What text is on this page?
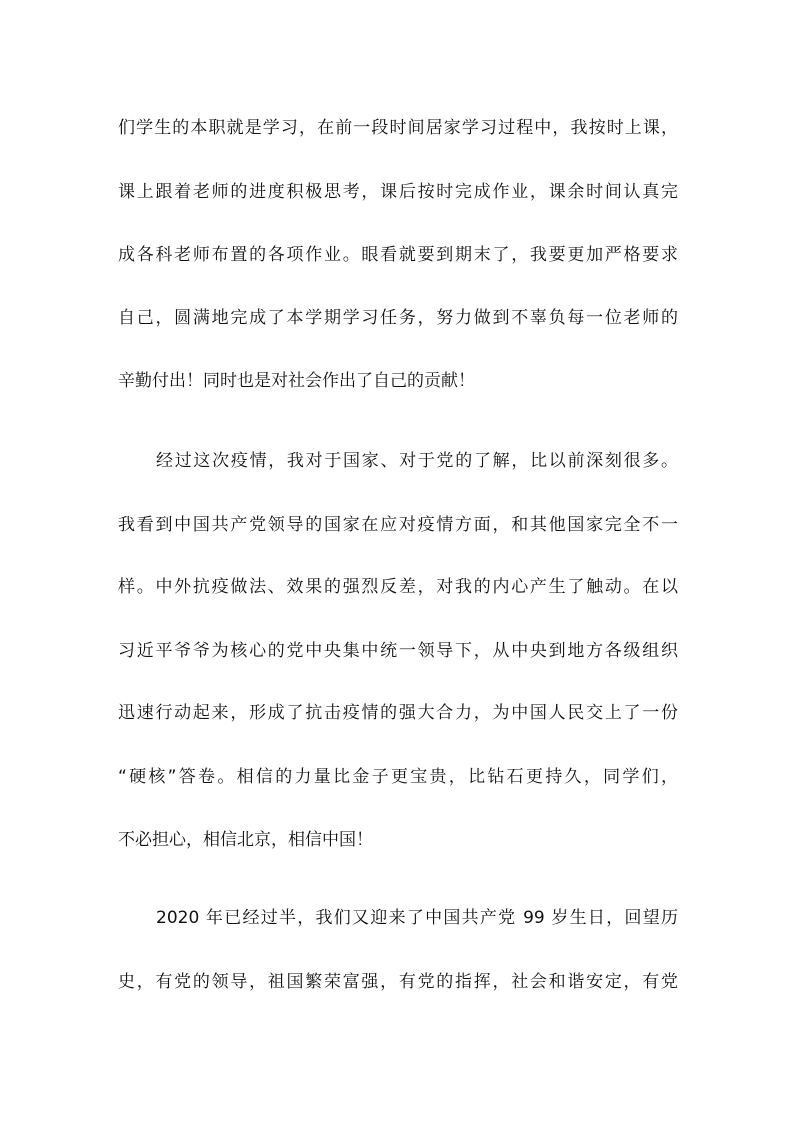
们学生的本职就是学习，在前一段时间居家学习过程中，我按时上课，
课上跟着老师的进度积极思考，课后按时完成作业，课余时间认真完
成各科老师布置的各项作业。眼看就要到期末了，我要更加严格要求
自己，圆满地完成了本学期学习任务，努力做到不辜负每一位老师的
辛勤付出！同时也是对社会作出了自己的贡献！
经过这次疫情，我对于国家、对于党的了解，比以前深刻很多。
我看到中国共产党领导的国家在应对疫情方面，和其他国家完全不一
样。中外抗疫做法、效果的强烈反差，对我的内心产生了触动。在以
习近平爷爷为核心的党中央集中统一领导下，从中央到地方各级组织
迅速行动起来，形成了抗击疫情的强大合力，为中国人民交上了一份
“硬核”答卷。相信的力量比金子更宝贵，比钻石更持久，同学们，
不必担心，相信北京，相信中国！
2020 年已经过半，我们又迎来了中国共产党 99 岁生日，回望历
史，有党的领导，祖国繁荣富强，有党的指挥，社会和谐安定，有党
